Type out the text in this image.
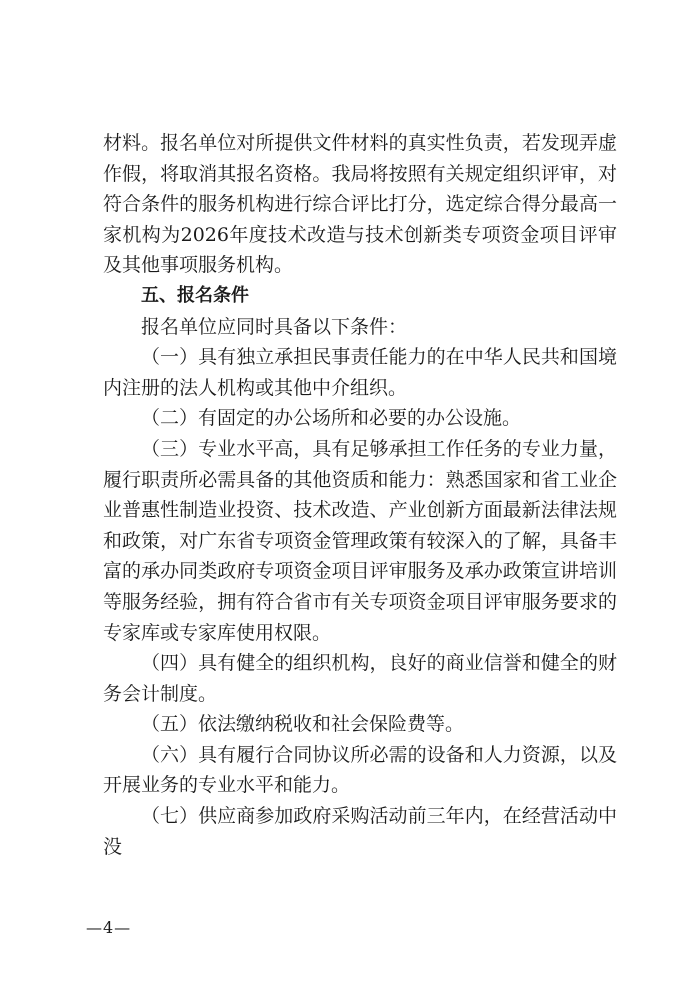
材料。报名单位对所提供文件材料的真实性负责，若发现弄虚作假，将取消其报名资格。我局将按照有关规定组织评审，对符合条件的服务机构进行综合评比打分，选定综合得分最高一家机构为2026年度技术改造与技术创新类专项资金项目评审及其他事项服务机构。

五、报名条件

报名单位应同时具备以下条件：

（一）具有独立承担民事责任能力的在中华人民共和国境内注册的法人机构或其他中介组织。

（二）有固定的办公场所和必要的办公设施。

（三）专业水平高，具有足够承担工作任务的专业力量，履行职责所必需具备的其他资质和能力：熟悉国家和省工业企业普惠性制造业投资、技术改造、产业创新方面最新法律法规和政策，对广东省专项资金管理政策有较深入的了解，具备丰富的承办同类政府专项资金项目评审服务及承办政策宣讲培训等服务经验，拥有符合省市有关专项资金项目评审服务要求的专家库或专家库使用权限。

（四）具有健全的组织机构，良好的商业信誉和健全的财务会计制度。

（五）依法缴纳税收和社会保险费等。

（六）具有履行合同协议所必需的设备和人力资源，以及开展业务的专业水平和能力。

（七）供应商参加政府采购活动前三年内，在经营活动中没

—4—
